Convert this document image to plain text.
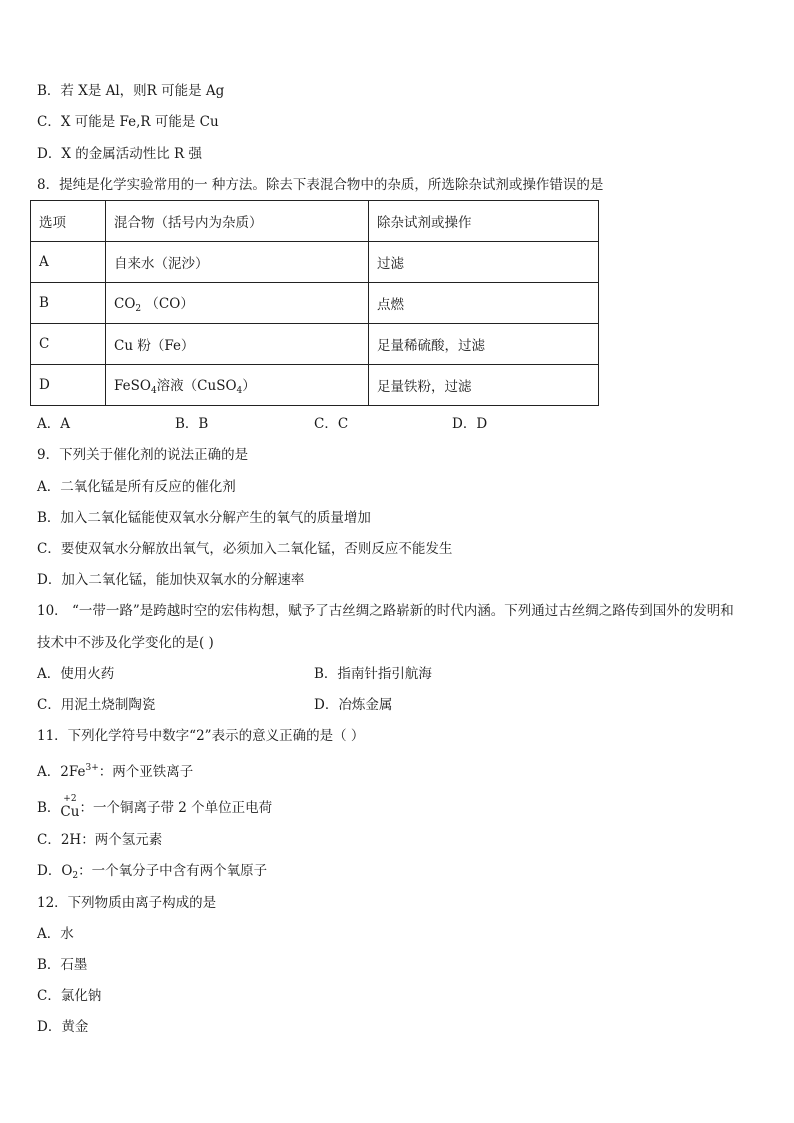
B．若 X是 Al，则R 可能是 Ag
C．X 可能是 Fe,R 可能是 Cu
D．X 的金属活动性比 R 强
8．提纯是化学实验常用的一 种方法。除去下表混合物中的杂质，所选除杂试剂或操作错误的是
选项	混合物（括号内为杂质）	除杂试剂或操作
A	自来水（泥沙）	过滤
B	$CO_2$ （CO）	点燃
C	Cu 粉（Fe）	足量稀硫酸，过滤
D	FeSO$_4$溶液（CuSO$_4$）	足量铁粉，过滤
A．A	B．B	C．C	D．D
9．下列关于催化剂的说法正确的是
A．二氧化锰是所有反应的催化剂
B．加入二氧化锰能使双氧水分解产生的氧气的质量增加
C．要使双氧水分解放出氧气，必须加入二氧化锰，否则反应不能发生
D．加入二氧化锰，能加快双氧水的分解速率
10． “一带一路”是跨越时空的宏伟构想，赋予了古丝绸之路崭新的时代内涵。下列通过古丝绸之路传到国外的发明和
技术中不涉及化学变化的是( )
A．使用火药	B．指南针指引航海
C．用泥土烧制陶瓷	D．冶炼金属
11．下列化学符号中数字“2”表示的意义正确的是（ ）
A．$2Fe^{3+}$：两个亚铁离子
B．
+2
Cu ：一个铜离子带 2 个单位正电荷
C．2H：两个氢元素
D．$O_2$：一个氧分子中含有两个氧原子
12．下列物质由离子构成的是
A．水
B．石墨
C．氯化钠
D．黄金
